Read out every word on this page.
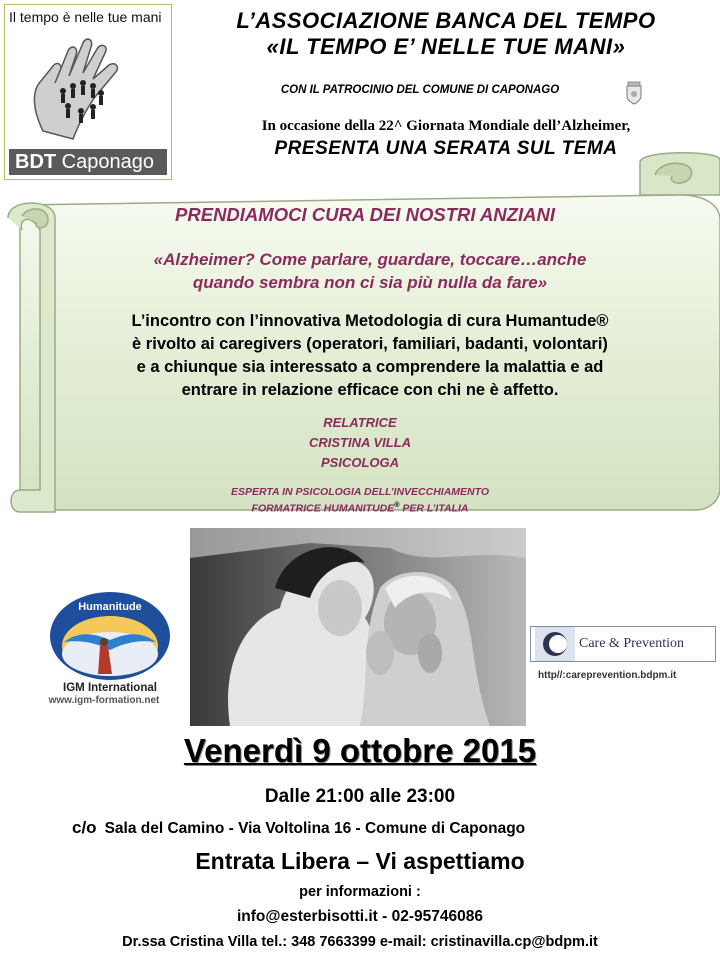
Il tempo è nelle tue mani
BDT Caponago
L’ASSOCIAZIONE BANCA DEL TEMPO
«IL TEMPO E’ NELLE TUE MANI»
CON IL PATROCINIO DEL COMUNE DI CAPONAGO
In occasione della 22^ Giornata Mondiale dell’Alzheimer,
PRESENTA UNA SERATA SUL TEMA
PRENDIAMOCI CURA DEI NOSTRI ANZIANI
«Alzheimer? Come parlare, guardare, toccare…anche
quando sembra non ci sia più nulla da fare»
L’incontro con l’innovativa Metodologia di cura Humantude®
è rivolto ai caregivers (operatori, familiari, badanti, volontari)
e a chiunque sia interessato a comprendere la malattia e ad
entrare in relazione efficace con chi ne è affetto.
RELATRICE
CRISTINA VILLA
PSICOLOGA
ESPERTA IN PSICOLOGIA DELL’INVECCHIAMENTO
FORMATRICE HUMANITUDE® PER L’ITALIA
Humanitude
IGM International
www.igm-formation.net
Care & Prevention
http//:careprevention.bdpm.it
Venerdì 9 ottobre 2015
Dalle 21:00 alle 23:00
c/o Sala del Camino - Via Voltolina 16 - Comune di Caponago
Entrata Libera – Vi aspettiamo
per informazioni :
info@esterbisotti.it - 02-95746086
Dr.ssa Cristina Villa tel.: 348 7663399 e-mail: cristinavilla.cp@bdpm.it
